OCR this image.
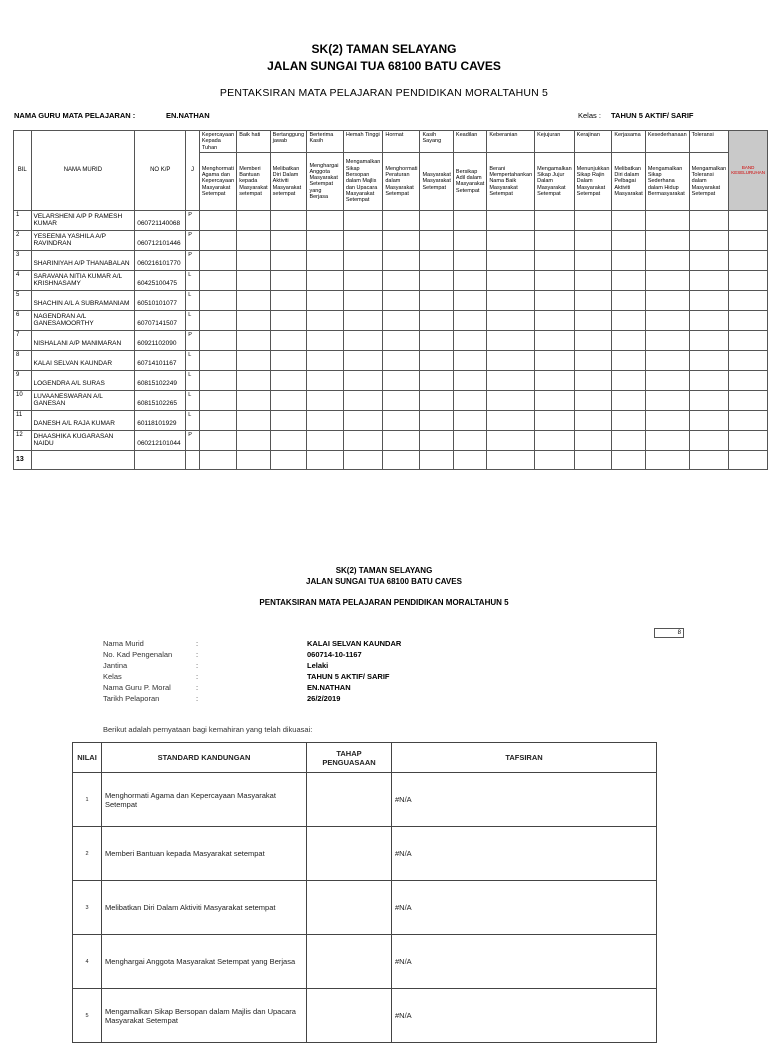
SK(2) TAMAN SELAYANG
JALAN SUNGAI TUA 68100 BATU CAVES
PENTAKSIRAN MATA PELAJARAN PENDIDIKAN MORALTAHUN 5
NAMA GURU MATA PELAJARAN :	EN.NATHAN	Kelas : TAHUN 5 AKTIF/ SARIF
BIL	NAMA MURID	NO K/P	J	Kepercayaan Kepada Tuhan	Baik hati	Bertanggung jawab	Berterima Kasih	Hemah Tinggi	Hormat	Kasih Sayang	Keadilan	Keberanian	Kejujuran	Kerajinan	Kerjasama	Kesederhanaan	Toleransi	BAND KESELURUHAN
				Menghormati Agama dan Kepercayaan Masyarakat Setempat	Memberi Bantuan kepada Masyarakat setempat	Melibatkan Diri Dalam Aktiviti Masyarakat setempat	Menghargai Anggota Masyarakat Setempat yang Berjasa	Mengamalkan Sikap Bersopan dalam Majlis dan Upacara Masyarakat Setempat	Menghormati Peraturan dalam Masyarakat Setempat	Masyarakat Masyarakat Setempat	Bersikap Adil dalam Masyarakat Setempat	Berani Mempertahankan Nama Baik Masyarakat Setempat	Mengamalkan Sikap Jujur Dalam Masyarakat Setempat	Menunjukkan Sikap Rajin Dalam Masyarakat Setempat	Melibatkan Diri dalam Pelbagai Aktiviti Masyarakat	Mengamalkan Sikap Sederhana dalam Hidup Bermasyarakat	Mengamalkan Toleransi dalam Masyarakat Setempat	
1	VELARSHENI A/P P RAMESH KUMAR	060721140068	P															
2	YESEENIA YASHILA A/P RAVINDRAN	060712101446	P															
3	SHARINIYAH A/P THANABALAN	060216101770	P															
4	SARAVANA NITIA KUMAR A/L KRISHNASAMY	60425100475	L															
5	SHACHIN A/L A SUBRAMANIAM	60510101077	L															
6	NAGENDRAN A/L GANESAMOORTHY	60707141507	L															
7	NISHALANI A/P MANIMARAN	60921102090	P															
8	KALAI SELVAN KAUNDAR	60714101167	L															
9	LOGENDRA A/L SURAS	60815102249	L															
10	LUVAANESWARAN A/L GANESAN	60815102265	L															
11	DANESH A/L RAJA KUMAR	60118101929	L															
12	DHAASHIKA KUGARASAN NAIDU	060212101044	P															
13																		
SK(2) TAMAN SELAYANG
JALAN SUNGAI TUA 68100 BATU CAVES
PENTAKSIRAN MATA PELAJARAN PENDIDIKAN MORALTAHUN 5
8
Nama Murid	:	KALAI SELVAN KAUNDAR
No. Kad Pengenalan	:	060714-10-1167
Jantina	:	Lelaki
Kelas	:	TAHUN 5 AKTIF/ SARIF
Nama Guru P. Moral	:	EN.NATHAN
Tarikh Pelaporan	:	26/2/2019
Berikut adalah pernyataan bagi kemahiran yang telah dikuasai:
NILAI	STANDARD KANDUNGAN	TAHAP PENGUASAAN	TAFSIRAN
1	Menghormati Agama dan Kepercayaan Masyarakat Setempat		#N/A
2	Memberi Bantuan kepada Masyarakat setempat		#N/A
3	Melibatkan Diri Dalam Aktiviti Masyarakat setempat		#N/A
4	Menghargai Anggota Masyarakat Setempat yang Berjasa		#N/A
5	Mengamalkan Sikap Bersopan dalam Majlis dan Upacara Masyarakat Setempat		#N/A
